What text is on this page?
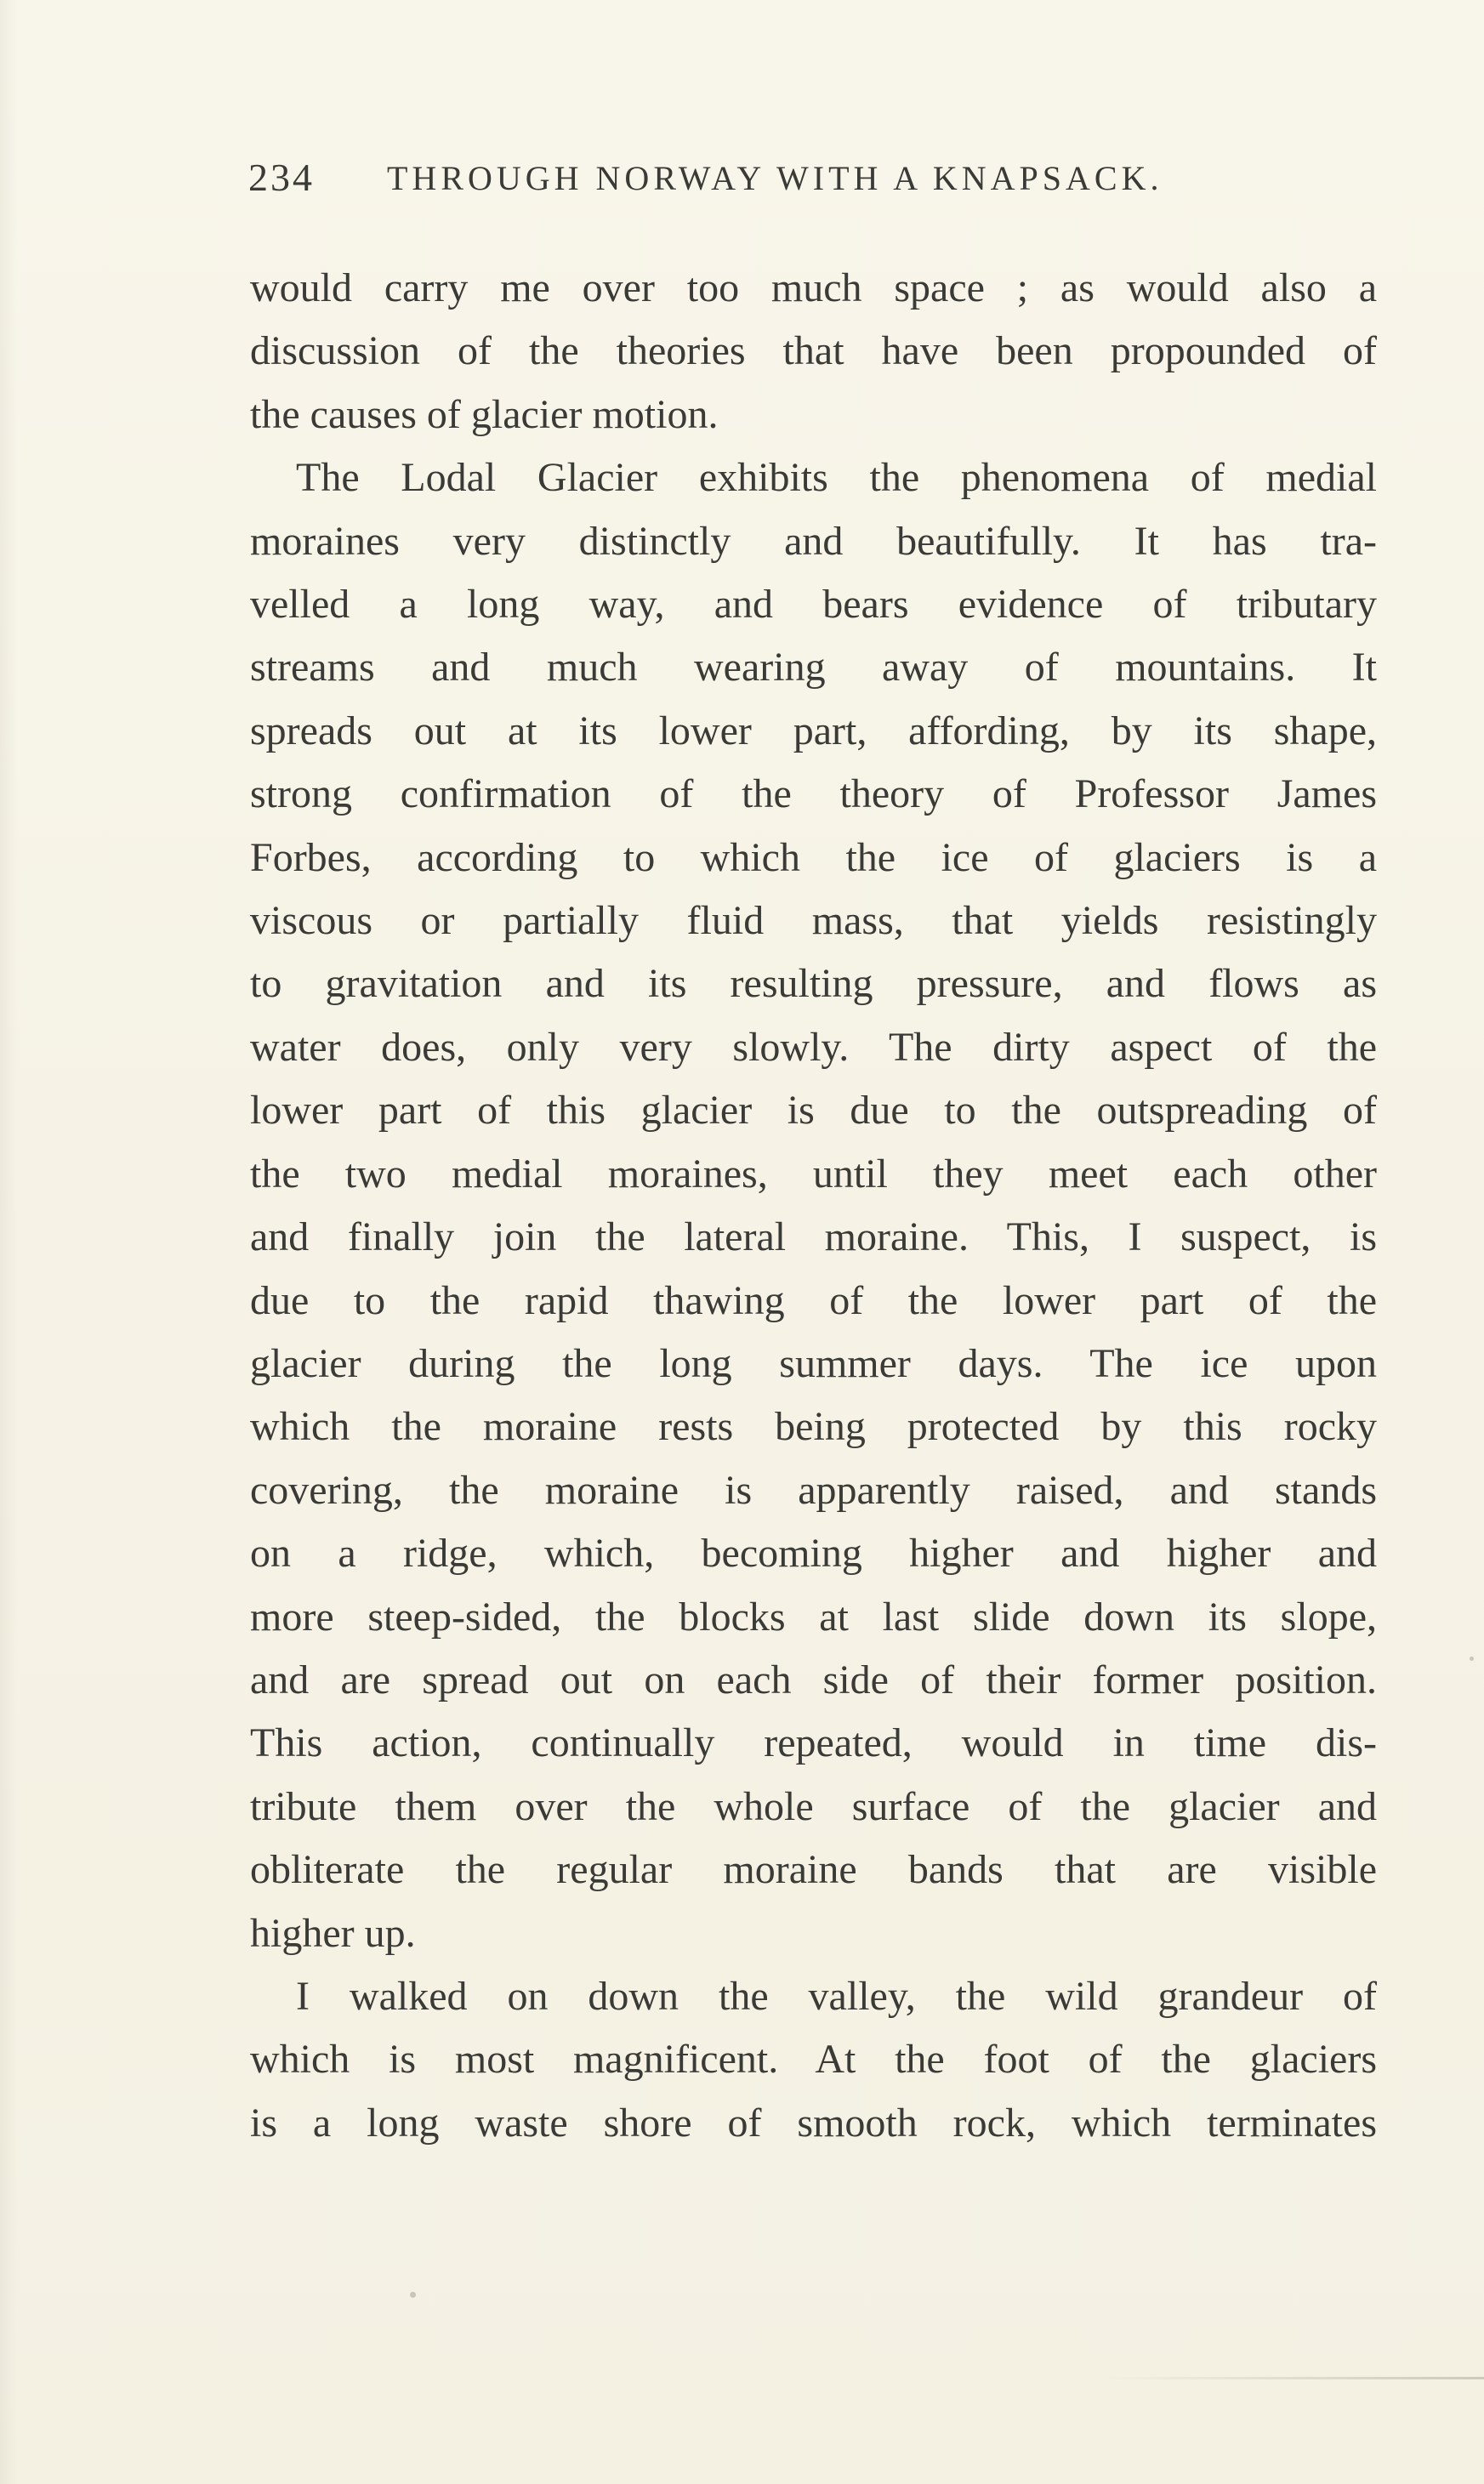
234 THROUGH NORWAY WITH A KNAPSACK.
would carry me over too much space ; as would also a
discussion of the theories that have been propounded of
the causes of glacier motion.
The Lodal Glacier exhibits the phenomena of medial
moraines very distinctly and beautifully. It has tra-
velled a long way, and bears evidence of tributary
streams and much wearing away of mountains. It
spreads out at its lower part, affording, by its shape,
strong confirmation of the theory of Professor James
Forbes, according to which the ice of glaciers is a
viscous or partially fluid mass, that yields resistingly
to gravitation and its resulting pressure, and flows as
water does, only very slowly. The dirty aspect of the
lower part of this glacier is due to the outspreading of
the two medial moraines, until they meet each other
and finally join the lateral moraine. This, I suspect, is
due to the rapid thawing of the lower part of the
glacier during the long summer days. The ice upon
which the moraine rests being protected by this rocky
covering, the moraine is apparently raised, and stands
on a ridge, which, becoming higher and higher and
more steep-sided, the blocks at last slide down its slope,
and are spread out on each side of their former position.
This action, continually repeated, would in time dis-
tribute them over the whole surface of the glacier and
obliterate the regular moraine bands that are visible
higher up.
I walked on down the valley, the wild grandeur of
which is most magnificent. At the foot of the glaciers
is a long waste shore of smooth rock, which terminates
